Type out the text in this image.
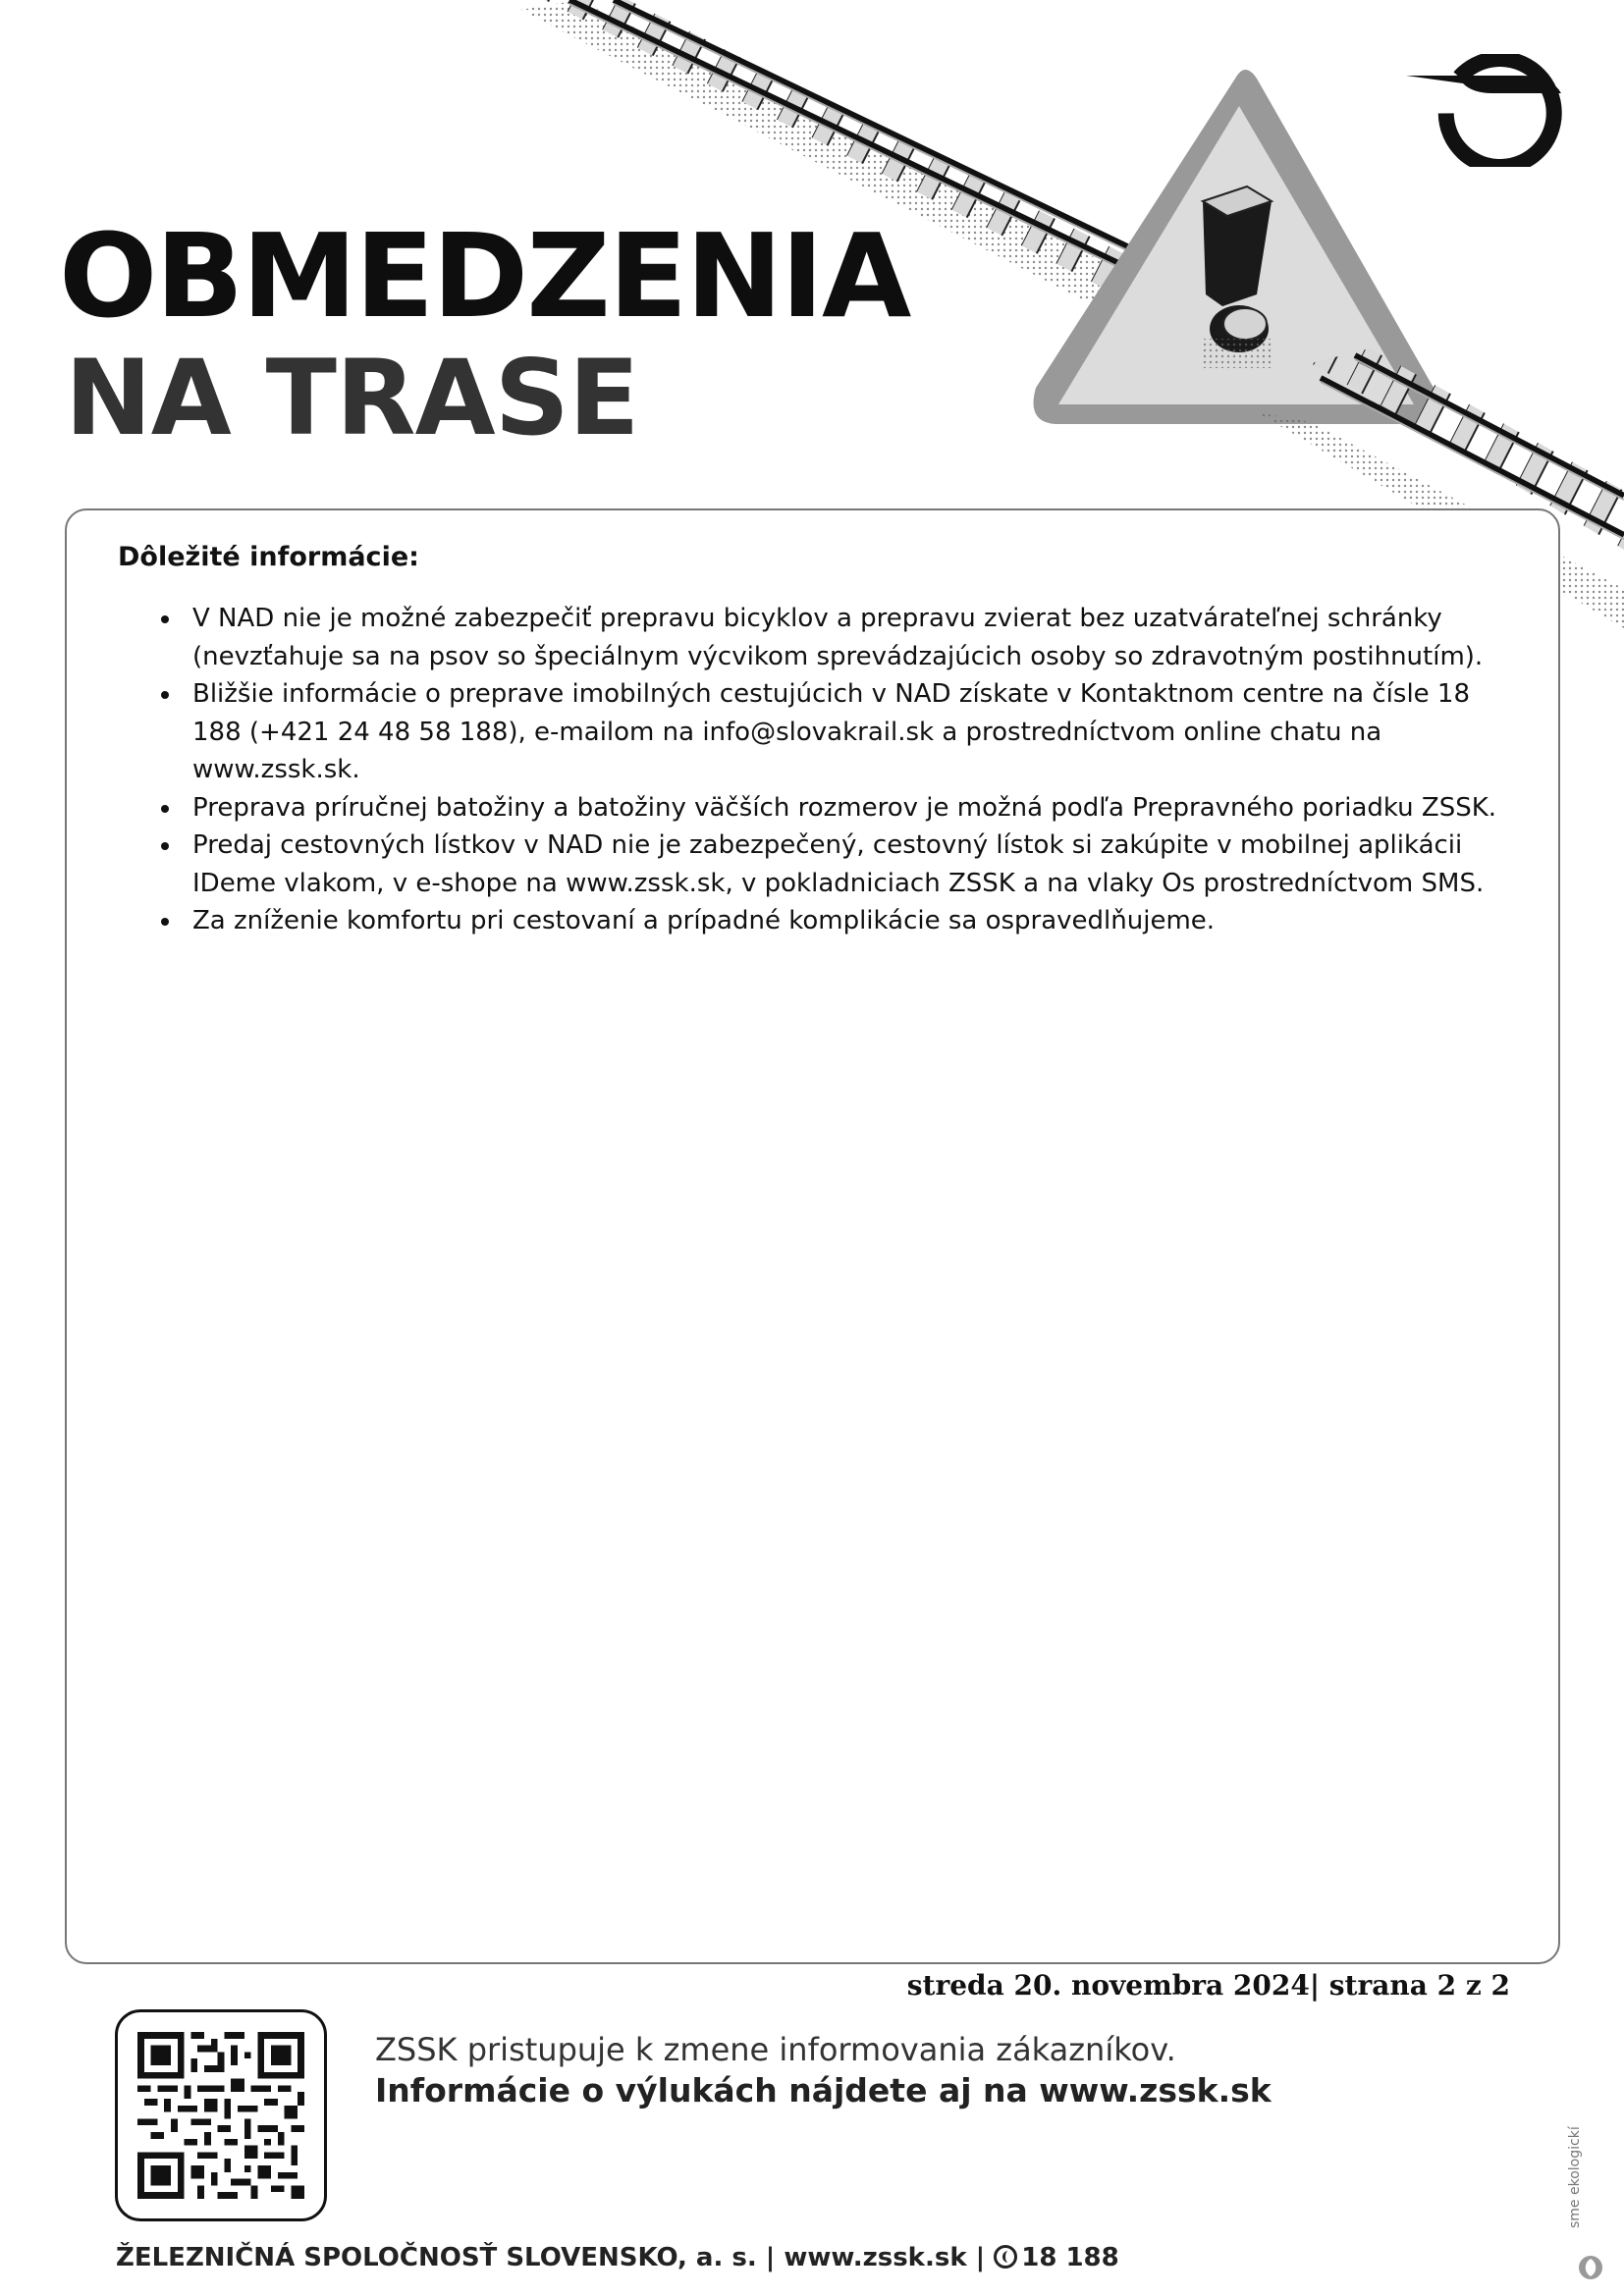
OBMEDZENIA
NA TRASE
Dôležité informácie:
• V NAD nie je možné zabezpečiť prepravu bicyklov a prepravu zvierat bez uzatvárateľnej schránky (nevzťahuje sa na psov so špeciálnym výcvikom sprevádzajúcich osoby so zdravotným postihnutím).
• Bližšie informácie o preprave imobilných cestujúcich v NAD získate v Kontaktnom centre na čísle 18 188 (+421 24 48 58 188), e-mailom na info@slovakrail.sk a prostredníctvom online chatu na www.zssk.sk.
• Preprava príručnej batožiny a batožiny väčších rozmerov je možná podľa Prepravného poriadku ZSSK.
• Predaj cestovných lístkov v NAD nie je zabezpečený, cestovný lístok si zakúpite v mobilnej aplikácii IDeme vlakom, v e-shope na www.zssk.sk, v pokladniciach ZSSK a na vlaky Os prostredníctvom SMS.
• Za zníženie komfortu pri cestovaní a prípadné komplikácie sa ospravedlňujeme.
streda 20. novembra 2024| strana 2 z 2
ZSSK pristupuje k zmene informovania zákazníkov.
Informácie o výlukách nájdete aj na www.zssk.sk
ŽELEZNIČNÁ SPOLOČNOSŤ SLOVENSKO, a. s. | www.zssk.sk | 18 188
sme ekologickí
